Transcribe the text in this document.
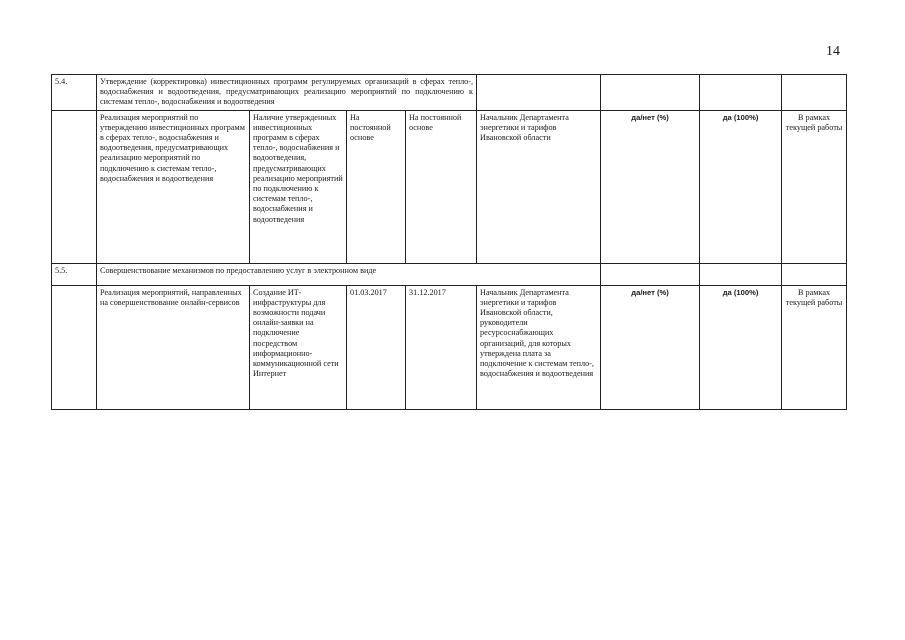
14
5.4.	Утверждение (корректировка) инвестиционных программ регулируемых организаций в сферах тепло-, водоснабжения и водоотведения, предусматривающих реализацию мероприятий по подключению к системам тепло-, водоснабжения и водоотведения							
	Реализация мероприятий по утверждению инвестиционных программ в сферах тепло-, водоснабжения и водоотведения, предусматривающих реализацию мероприятий по подключению к системам тепло-, водоснабжения и водоотведения	Наличие утвержденных инвестиционных программ в сферах тепло-, водоснабжения и водоотведения, предусматривающих реализацию мероприятий по подключению к системам тепло-, водоснабжения и водоотведения	На постоянной основе	На постоянной основе	Начальник Департамента энергетики и тарифов Ивановской области	да/нет (%)	да (100%)	В рамках текущей работы
5.5.	Совершенствование механизмов по предоставлению услуг в электронном виде							
	Реализация мероприятий, направленных на совершенствование онлайн-сервисов	Создание ИТ-инфраструктуры для возможности подачи онлайн-заявки на подключение посредством информационно-коммуникационной сети Интернет	01.03.2017	31.12.2017	Начальник Департамента энергетики и тарифов Ивановской области, руководители ресурсоснабжающих организаций, для которых утверждена плата за подключение к системам тепло-, водоснабжения и водоотведения	да/нет (%)	да (100%)	В рамках текущей работы
